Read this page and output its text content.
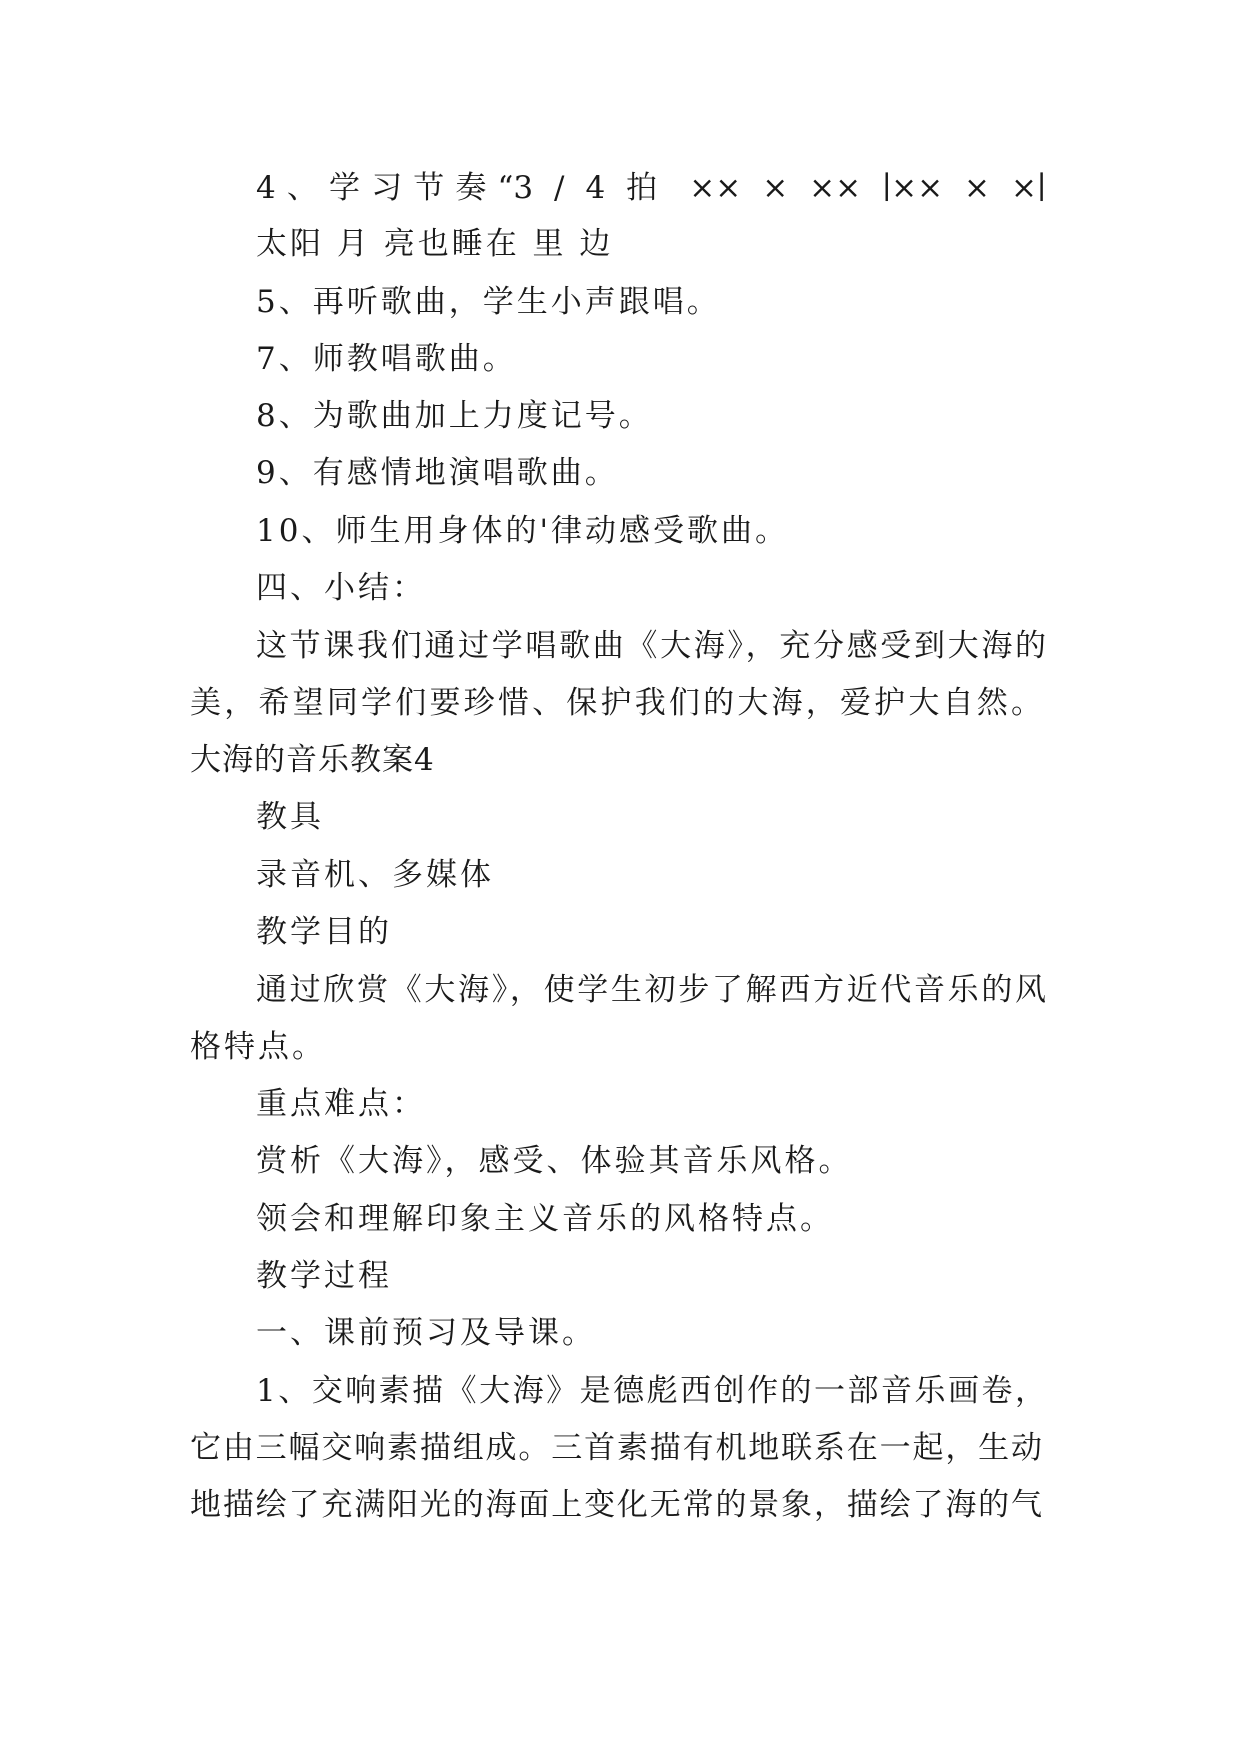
4、学习节奏“3 / 4 拍 ×× × ×× ∣×× × ×∣
太阳 月 亮也睡在 里 边
5、再听歌曲，学生小声跟唱。
7、师教唱歌曲。
8、为歌曲加上力度记号。
9、有感情地演唱歌曲。
10、师生用身体的'律动感受歌曲。
四、小结：
这节课我们通过学唱歌曲《大海》，充分感受到大海的
美，希望同学们要珍惜、保护我们的大海，爱护大自然。
大海的音乐教案4
教具
录音机、多媒体
教学目的
通过欣赏《大海》，使学生初步了解西方近代音乐的风
格特点。
重点难点：
赏析《大海》，感受、体验其音乐风格。
领会和理解印象主义音乐的风格特点。
教学过程
一、课前预习及导课。
1、交响素描《大海》是德彪西创作的一部音乐画卷，
它由三幅交响素描组成。三首素描有机地联系在一起，生动
地描绘了充满阳光的海面上变化无常的景象，描绘了海的气
